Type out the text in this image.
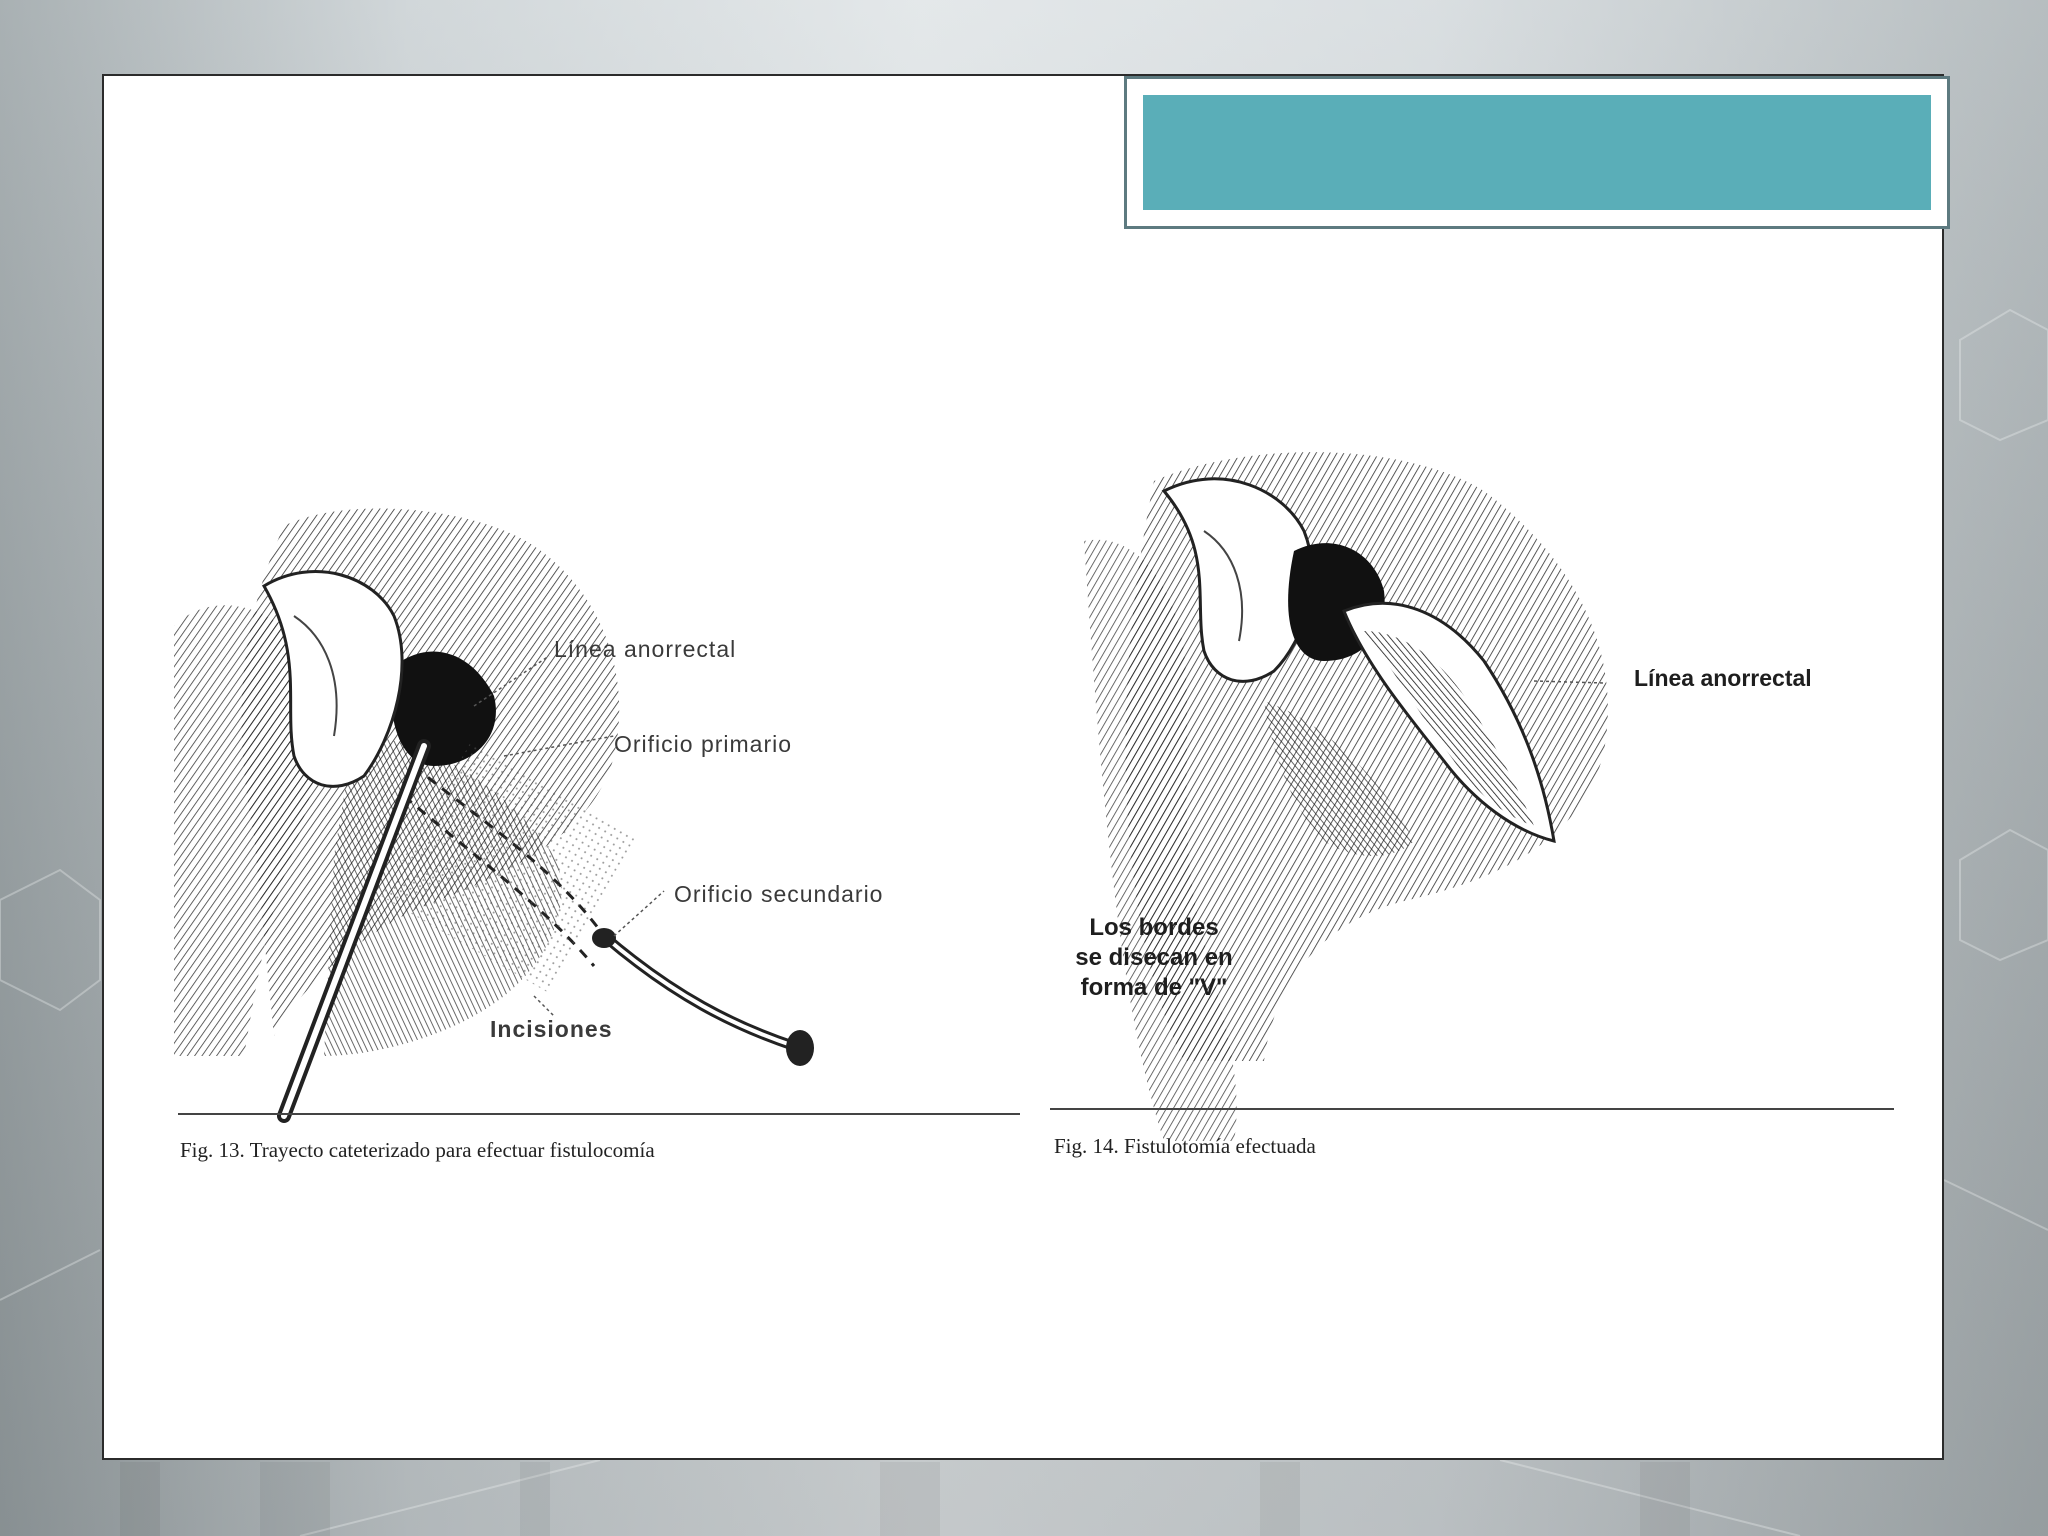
Línea anorrectal
Orificio primario
Orificio secundario
Incisiones
Fig. 13. Trayecto cateterizado para efectuar fistulocomía
Línea anorrectal
Los bordes
se disecan en
forma de "V"
Fig. 14. Fistulotomía efectuada
